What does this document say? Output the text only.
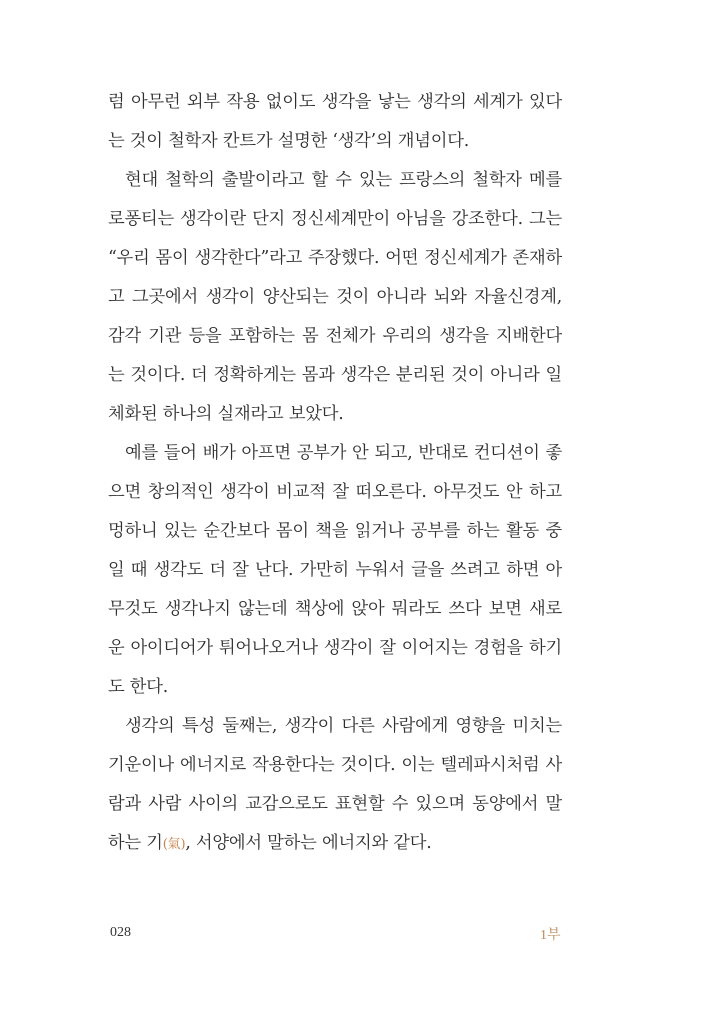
럼 아무런 외부 작용 없이도 생각을 낳는 생각의 세계가 있다
는 것이 철학자 칸트가 설명한 ‘생각’의 개념이다.
현대 철학의 출발이라고 할 수 있는 프랑스의 철학자 메를
로퐁티는 생각이란 단지 정신세계만이 아님을 강조한다. 그는
“우리 몸이 생각한다”라고 주장했다. 어떤 정신세계가 존재하
고 그곳에서 생각이 양산되는 것이 아니라 뇌와 자율신경계,
감각 기관 등을 포함하는 몸 전체가 우리의 생각을 지배한다
는 것이다. 더 정확하게는 몸과 생각은 분리된 것이 아니라 일
체화된 하나의 실재라고 보았다.
예를 들어 배가 아프면 공부가 안 되고, 반대로 컨디션이 좋
으면 창의적인 생각이 비교적 잘 떠오른다. 아무것도 안 하고
멍하니 있는 순간보다 몸이 책을 읽거나 공부를 하는 활동 중
일 때 생각도 더 잘 난다. 가만히 누워서 글을 쓰려고 하면 아
무것도 생각나지 않는데 책상에 앉아 뭐라도 쓰다 보면 새로
운 아이디어가 튀어나오거나 생각이 잘 이어지는 경험을 하기
도 한다.
생각의 특성 둘째는, 생각이 다른 사람에게 영향을 미치는
기운이나 에너지로 작용한다는 것이다. 이는 텔레파시처럼 사
람과 사람 사이의 교감으로도 표현할 수 있으며 동양에서 말
하는 기(氣), 서양에서 말하는 에너지와 같다.
028	1부
